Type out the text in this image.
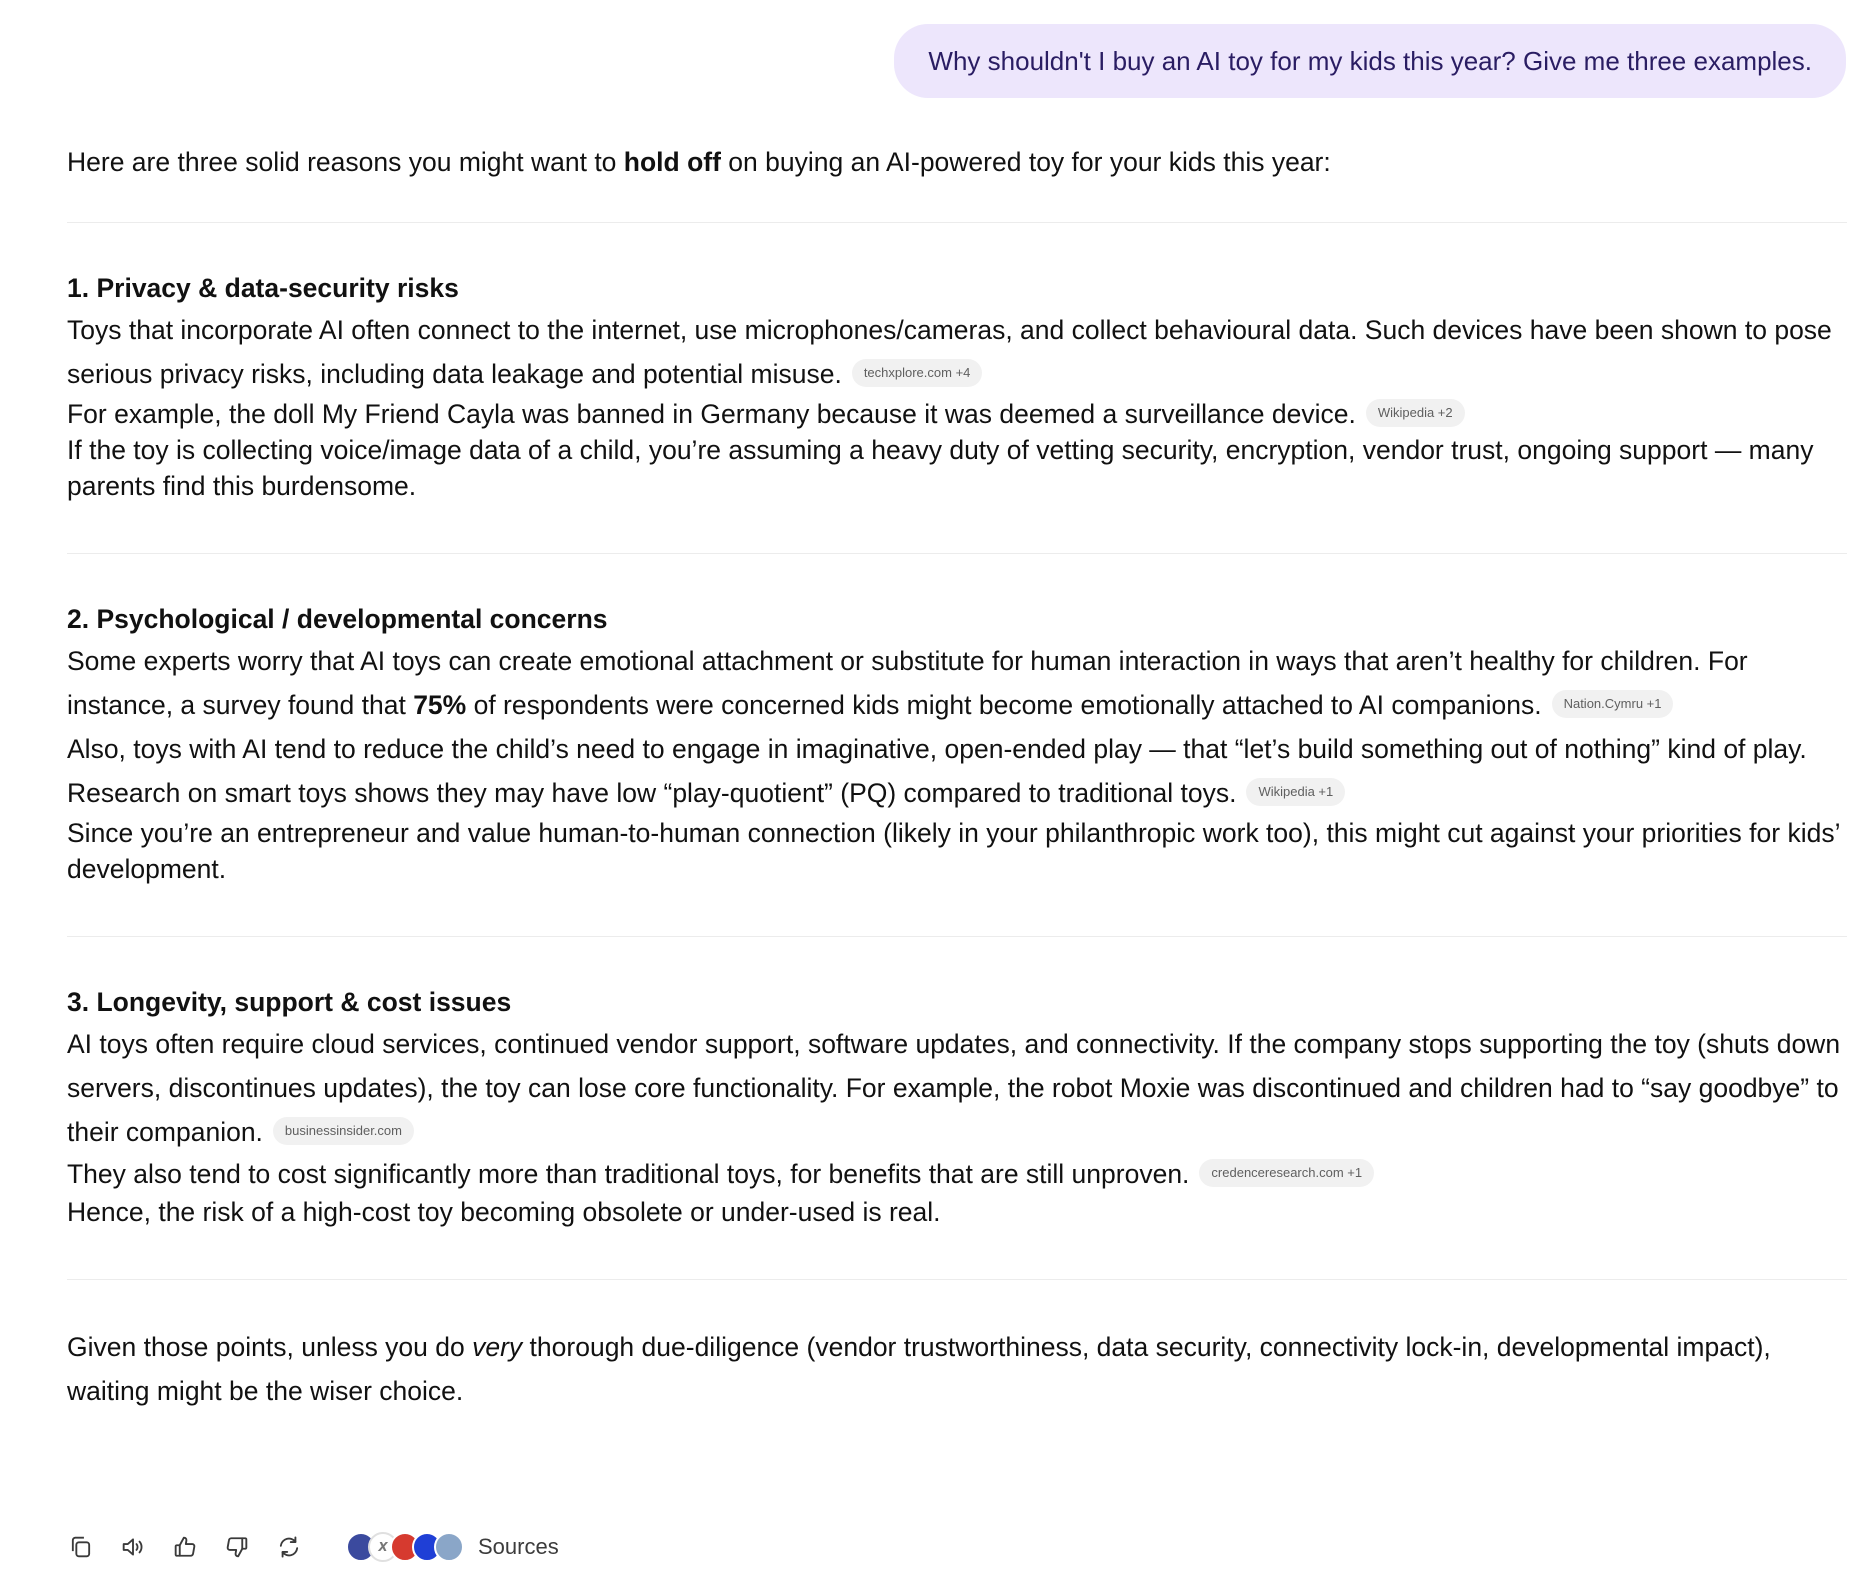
Why shouldn't I buy an AI toy for my kids this year? Give me three examples.

Here are three solid reasons you might want to hold off on buying an AI-powered toy for your kids this year:

1. Privacy & data-security risks

Toys that incorporate AI often connect to the internet, use microphones/cameras, and collect behavioural data. Such devices have been shown to pose serious privacy risks, including data leakage and potential misuse. techxplore.com +4

For example, the doll My Friend Cayla was banned in Germany because it was deemed a surveillance device. Wikipedia +2

If the toy is collecting voice/image data of a child, you’re assuming a heavy duty of vetting security, encryption, vendor trust, ongoing support — many parents find this burdensome.

2. Psychological / developmental concerns

Some experts worry that AI toys can create emotional attachment or substitute for human interaction in ways that aren’t healthy for children. For instance, a survey found that 75% of respondents were concerned kids might become emotionally attached to AI companions. Nation.Cymru +1

Also, toys with AI tend to reduce the child’s need to engage in imaginative, open-ended play — that “let’s build something out of nothing” kind of play. Research on smart toys shows they may have low “play-quotient” (PQ) compared to traditional toys. Wikipedia +1

Since you’re an entrepreneur and value human-to-human connection (likely in your philanthropic work too), this might cut against your priorities for kids’ development.

3. Longevity, support & cost issues

AI toys often require cloud services, continued vendor support, software updates, and connectivity. If the company stops supporting the toy (shuts down servers, discontinues updates), the toy can lose core functionality. For example, the robot Moxie was discontinued and children had to “say goodbye” to their companion. businessinsider.com

They also tend to cost significantly more than traditional toys, for benefits that are still unproven. credenceresearch.com +1

Hence, the risk of a high-cost toy becoming obsolete or under-used is real.

Given those points, unless you do very thorough due-diligence (vendor trustworthiness, data security, connectivity lock-in, developmental impact), waiting might be the wiser choice.

X	Sources
